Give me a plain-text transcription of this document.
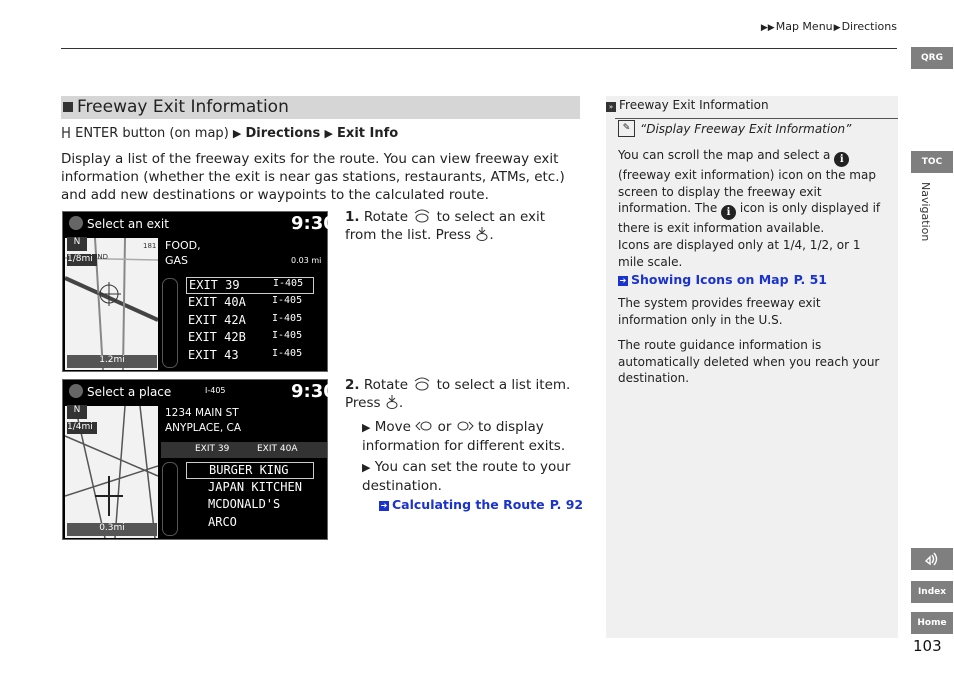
▶▶Map Menu▶Directions
QRG
TOC
Navigation
Index
Home
103
Freeway Exit Information
ENTER button (on map) ▶ Directions ▶ Exit Info
Display a list of the freeway exits for the route. You can view freeway exit information (whether the exit is near gas stations, restaurants, ATMs, etc.) and add new destinations or waypoints to the calculated route.
N
1/8mi
181
END
1.2mi
Select an exit	9:30
FOOD,
GAS	0.03 mi
EXIT 39	I-405
EXIT 40A	I-405
EXIT 42A	I-405
EXIT 42B	I-405
EXIT 43	I-405
N
1/4mi
0.3mi
Select a place	I-405	9:30
1234 MAIN ST
ANYPLACE, CA
EXIT 39	EXIT 40A
BURGER KING
JAPAN KITCHEN
MCDONALD'S
ARCO
1. Rotate to select an exit from the list. Press .
2. Rotate to select a list item. Press .
▶ Move or to display information for different exits.
▶ You can set the route to your destination.
➔ Calculating the Route P. 92
» Freeway Exit Information
✎ “Display Freeway Exit Information”
You can scroll the map and select a i (freeway exit information) icon on the map screen to display the freeway exit information. The i icon is only displayed if there is exit information available.
Icons are displayed only at 1/4, 1/2, or 1 mile scale.
➔ Showing Icons on Map P. 51
The system provides freeway exit information only in the U.S.
The route guidance information is automatically deleted when you reach your destination.
